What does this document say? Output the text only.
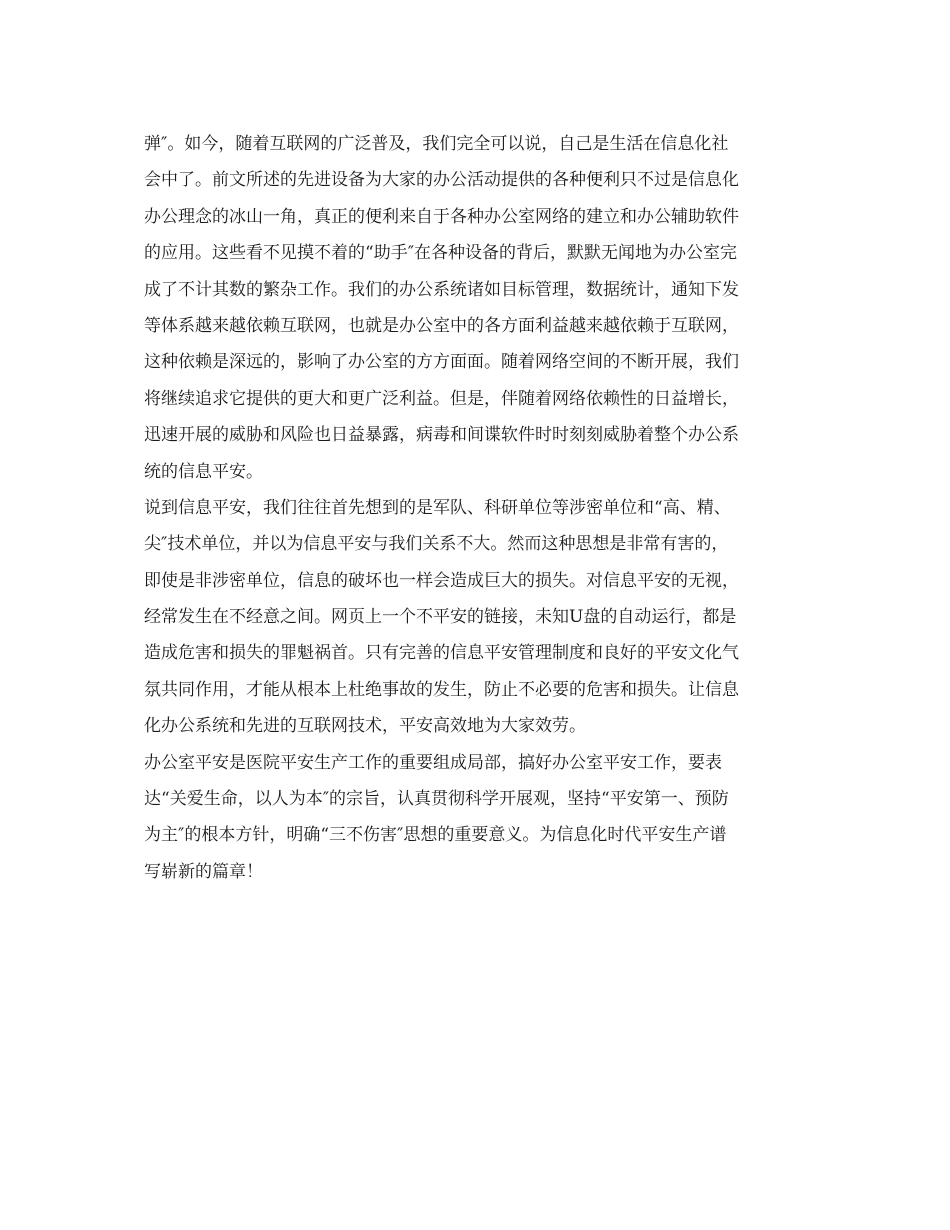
弹″。如今，随着互联网的广泛普及，我们完全可以说，自己是生活在信息化社
会中了。前文所述的先进设备为大家的办公活动提供的各种便利只不过是信息化
办公理念的冰山一角，真正的便利来自于各种办公室网络的建立和办公辅助软件
的应用。这些看不见摸不着的“助手″在各种设备的背后，默默无闻地为办公室完
成了不计其数的繁杂工作。我们的办公系统诸如目标管理，数据统计，通知下发
等体系越来越依赖互联网，也就是办公室中的各方面利益越来越依赖于互联网，
这种依赖是深远的，影响了办公室的方方面面。随着网络空间的不断开展，我们
将继续追求它提供的更大和更广泛利益。但是，伴随着网络依赖性的日益增长，
迅速开展的威胁和风险也日益暴露，病毒和间谍软件时时刻刻威胁着整个办公系
统的信息平安。
说到信息平安，我们往往首先想到的是军队、科研单位等涉密单位和“高、精、
尖″技术单位，并以为信息平安与我们关系不大。然而这种思想是非常有害的，
即使是非涉密单位，信息的破坏也一样会造成巨大的损失。对信息平安的无视，
经常发生在不经意之间。网页上一个不平安的链接，未知U盘的自动运行，都是
造成危害和损失的罪魁祸首。只有完善的信息平安管理制度和良好的平安文化气
氛共同作用，才能从根本上杜绝事故的发生，防止不必要的危害和损失。让信息
化办公系统和先进的互联网技术，平安高效地为大家效劳。
办公室平安是医院平安生产工作的重要组成局部，搞好办公室平安工作，要表
达“关爱生命，以人为本″的宗旨，认真贯彻科学开展观，坚持“平安第一、预防
为主″的根本方针，明确“三不伤害″思想的重要意义。为信息化时代平安生产谱
写崭新的篇章！
